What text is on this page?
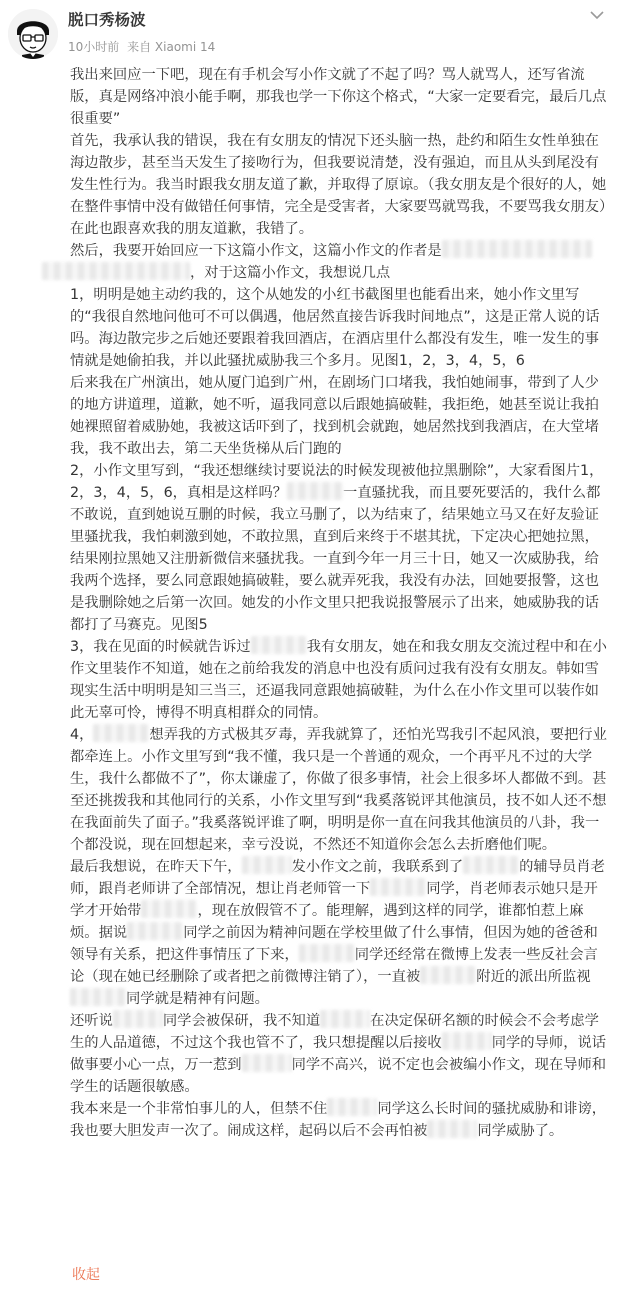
脱口秀杨波
10小时前 来自 Xiaomi 14

我出来回应一下吧，现在有手机会写小作文就了不起了吗？骂人就骂人，还写省流版，真是网络冲浪小能手啊，那我也学一下你这个格式，“大家一定要看完，最后几点很重要”

首先，我承认我的错误，我在有女朋友的情况下还头脑一热，赴约和陌生女性单独在海边散步，甚至当天发生了接吻行为，但我要说清楚，没有强迫，而且从头到尾没有发生性行为。我当时跟我女朋友道了歉，并取得了原谅。（我女朋友是个很好的人，她在整件事情中没有做错任何事情，完全是受害者，大家要骂就骂我，不要骂我女朋友）在此也跟喜欢我的朋友道歉，我错了。

然后，我要开始回应一下这篇小作文，这篇小作文的作者是
，对于这篇小作文，我想说几点

1，明明是她主动约我的，这个从她发的小红书截图里也能看出来，她小作文里写的“我很自然地问他可不可以偶遇，他居然直接告诉我时间地点”，这是正常人说的话吗。海边散完步之后她还要跟着我回酒店，在酒店里什么都没有发生，唯一发生的事情就是她偷拍我，并以此骚扰威胁我三个多月。见图1，2，3，4，5，6

后来我在广州演出，她从厦门追到广州，在剧场门口堵我，我怕她闹事，带到了人少的地方讲道理，道歉，她不听，逼我同意以后跟她搞破鞋，我拒绝，她甚至说让我拍她裸照留着威胁她，我被这话吓到了，找到机会就跑，她居然找到我酒店，在大堂堵我，我不敢出去，第二天坐货梯从后门跑的

2，小作文里写到，“我还想继续讨要说法的时候发现被他拉黑删除”，大家看图片1，2，3，4，5，6，真相是这样吗？	一直骚扰我，而且要死要活的，我什么都不敢说，直到她说互删的时候，我立马删了，以为结束了，结果她立马又在好友验证里骚扰我，我怕刺激到她，不敢拉黑，直到后来终于不堪其扰，下定决心把她拉黑，结果刚拉黑她又注册新微信来骚扰我。一直到今年一月三十日，她又一次威胁我，给我两个选择，要么同意跟她搞破鞋，要么就弄死我，我没有办法，回她要报警，这也是我删除她之后第一次回。她发的小作文里只把我说报警展示了出来，她威胁我的话都打了马赛克。见图5

3，我在见面的时候就告诉过	我有女朋友，她在和我女朋友交流过程中和在小作文里装作不知道，她在之前给我发的消息中也没有质问过我有没有女朋友。韩如雪现实生活中明明是知三当三，还逼我同意跟她搞破鞋，为什么在小作文里可以装作如此无辜可怜，博得不明真相群众的同情。

4，	想弄我的方式极其歹毒，弄我就算了，还怕光骂我引不起风浪，要把行业都牵连上。小作文里写到“我不懂，我只是一个普通的观众，一个再平凡不过的大学生，我什么都做不了”，你太谦虚了，你做了很多事情，社会上很多坏人都做不到。甚至还挑拨我和其他同行的关系，小作文里写到“我奚落锐评其他演员，技不如人还不想在我面前失了面子。”我奚落锐评谁了啊，明明是你一直在问我其他演员的八卦，我一个都没说，现在回想起来，幸亏没说，不然还不知道你会怎么去折磨他们呢。

最后我想说，在昨天下午，	发小作文之前，我联系到了	的辅导员肖老师，跟肖老师讲了全部情况，想让肖老师管一下	同学，肖老师表示她只是开学才开始带	，现在放假管不了。能理解，遇到这样的同学，谁都怕惹上麻烦。据说	同学之前因为精神问题在学校里做了什么事情，但因为她的爸爸和领导有关系，把这件事情压了下来，	同学还经常在微博上发表一些反社会言论（现在她已经删除了或者把之前微博注销了），一直被	附近的派出所监视同学就是精神有问题。

还听说	同学会被保研，我不知道	在决定保研名额的时候会不会考虑学生的人品道德，不过这个我也管不了，我只想提醒以后接收	同学的导师，说话做事要小心一点，万一惹到	同学不高兴，说不定也会被编小作文，现在导师和学生的话题很敏感。

我本来是一个非常怕事儿的人，但禁不住	同学这么长时间的骚扰威胁和诽谤，我也要大胆发声一次了。闹成这样，起码以后不会再怕被	同学威胁了。

收起
